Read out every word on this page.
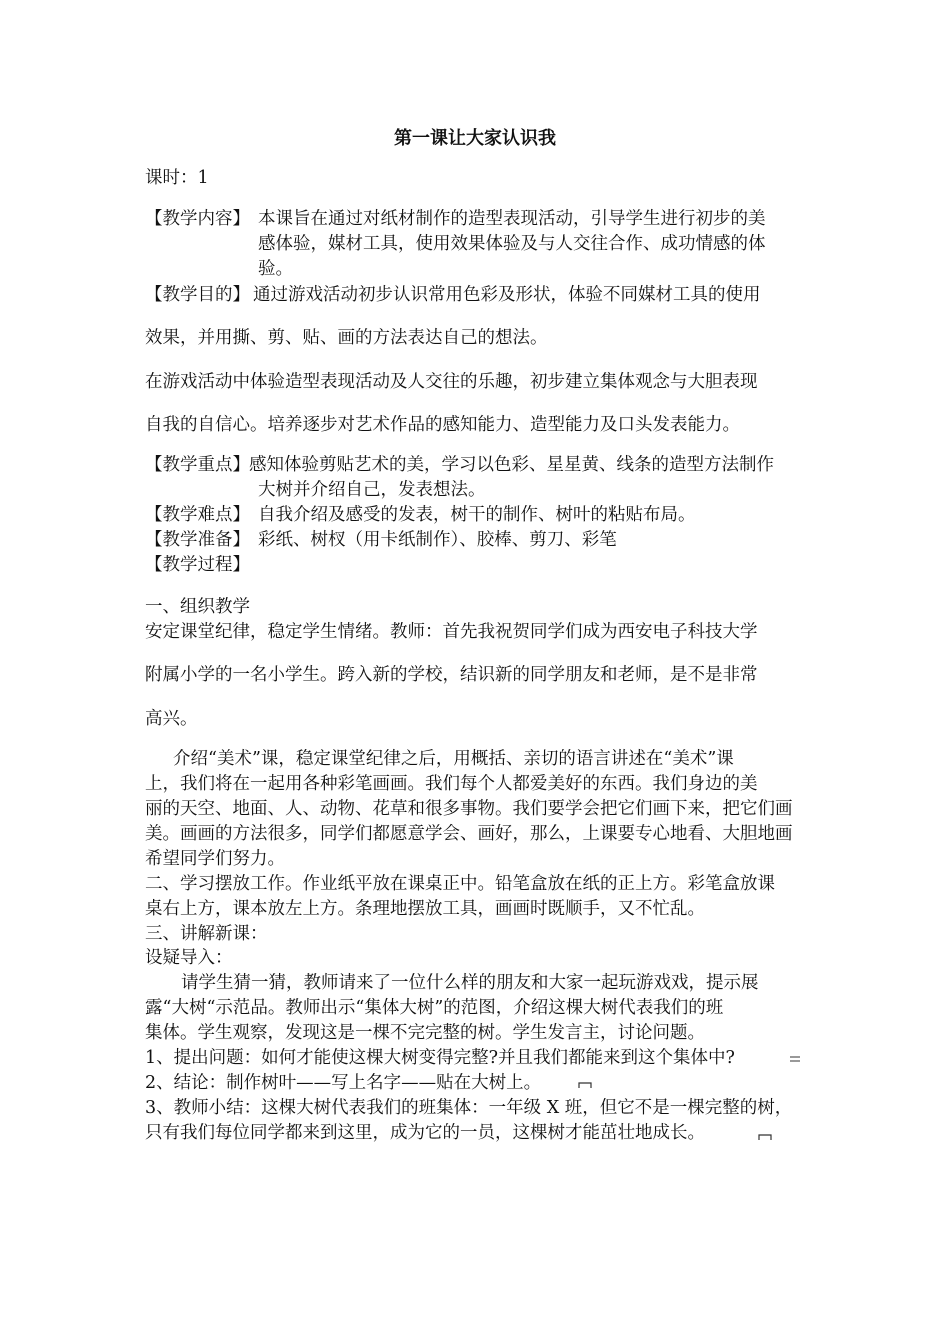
第一课让大家认识我
课时：1
【教学内容】 本课旨在通过对纸材制作的造型表现活动，引导学生进行初步的美
感体验，媒材工具，使用效果体验及与人交往合作、成功情感的体
验。
【教学目的】 通过游戏活动初步认识常用色彩及形状，体验不同媒材工具的使用
效果，并用撕、剪、贴、画的方法表达自己的想法。
在游戏活动中体验造型表现活动及人交往的乐趣，初步建立集体观念与大胆表现
自我的自信心。培养逐步对艺术作品的感知能力、造型能力及口头发表能力。
【教学重点】 感知体验剪贴艺术的美，学习以色彩、星星黄、线条的造型方法制作
大树并介绍自己，发表想法。
【教学难点】 自我介绍及感受的发表，树干的制作、树叶的粘贴布局。
【教学准备】 彩纸、树杈（用卡纸制作）、胶棒、剪刀、彩笔
【教学过程】
一、组织教学
安定课堂纪律，稳定学生情绪。教师：首先我祝贺同学们成为西安电子科技大学
附属小学的一名小学生。跨入新的学校，结识新的同学朋友和老师，是不是非常
高兴。
介绍“美术”课，稳定课堂纪律之后，用概括、亲切的语言讲述在“美术”课
上，我们将在一起用各种彩笔画画。我们每个人都爱美好的东西。我们身边的美
丽的天空、地面、人、动物、花草和很多事物。我们要学会把它们画下来，把它们画
美。画画的方法很多，同学们都愿意学会、画好，那么，上课要专心地看、大胆地画
希望同学们努力。
二、学习摆放工作。作业纸平放在课桌正中。铅笔盒放在纸的正上方。彩笔盒放课
桌右上方，课本放左上方。条理地摆放工具，画画时既顺手，又不忙乱。
三、讲解新课：
设疑导入：
请学生猜一猜，教师请来了一位什么样的朋友和大家一起玩游戏戏，提示展
露“大树“示范品。教师出示“集体大树”的范图，介绍这棵大树代表我们的班
集体。学生观察，发现这是一棵不完完整的树。学生发言主，讨论问题。
1、提出问题：如何才能使这棵大树变得完整?并且我们都能来到这个集体中?
2、结论：制作树叶——写上名字——贴在大树上。
3、教师小结：这棵大树代表我们的班集体：一年级 X 班，但它不是一棵完整的树，
只有我们每位同学都来到这里，成为它的一员，这棵树才能茁壮地成长。
